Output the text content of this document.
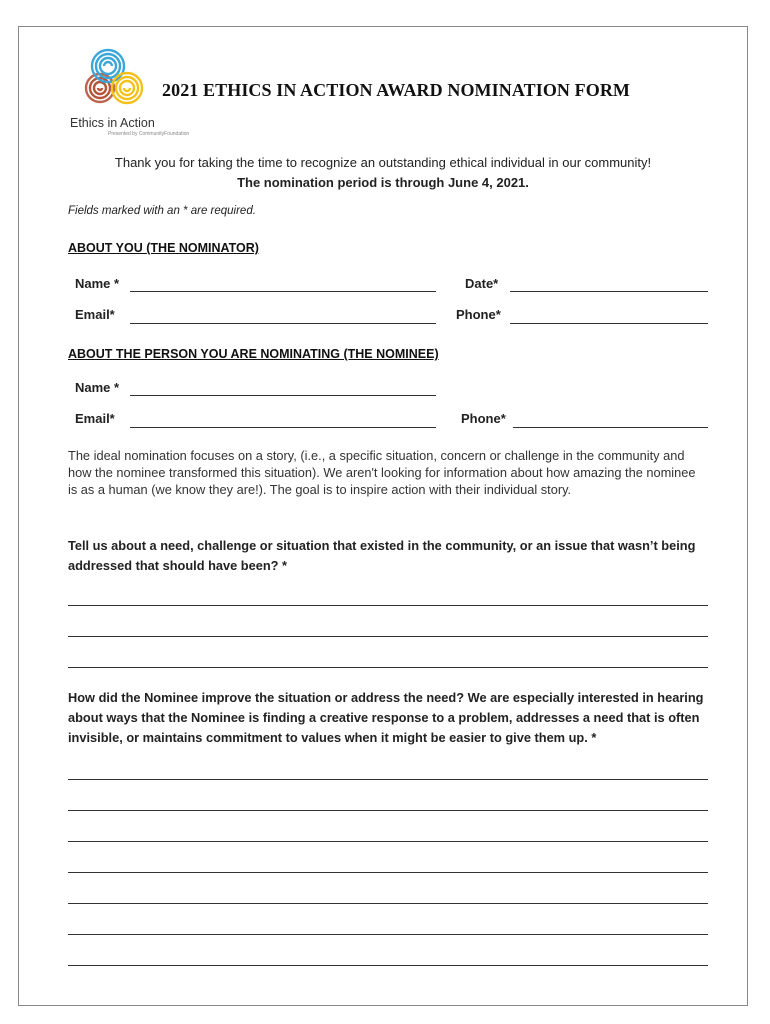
Ethics in Action
Presented by CommunityFoundation
2021 ETHICS IN ACTION AWARD NOMINATION FORM
Thank you for taking the time to recognize an outstanding ethical individual in our community!
The nomination period is through June 4, 2021.
Fields marked with an * are required.
ABOUT YOU (THE NOMINATOR)
Name *	Date*
Email*	Phone*
ABOUT THE PERSON YOU ARE NOMINATING (THE NOMINEE)
Name *
Email*	Phone*
The ideal nomination focuses on a story, (i.e., a specific situation, concern or challenge in the community and how the nominee transformed this situation). We aren't looking for information about how amazing the nominee is as a human (we know they are!). The goal is to inspire action with their individual story.
Tell us about a need, challenge or situation that existed in the community, or an issue that wasn’t being addressed that should have been? *
How did the Nominee improve the situation or address the need? We are especially interested in hearing about ways that the Nominee is finding a creative response to a problem, addresses a need that is often invisible, or maintains commitment to values when it might be easier to give them up. *
